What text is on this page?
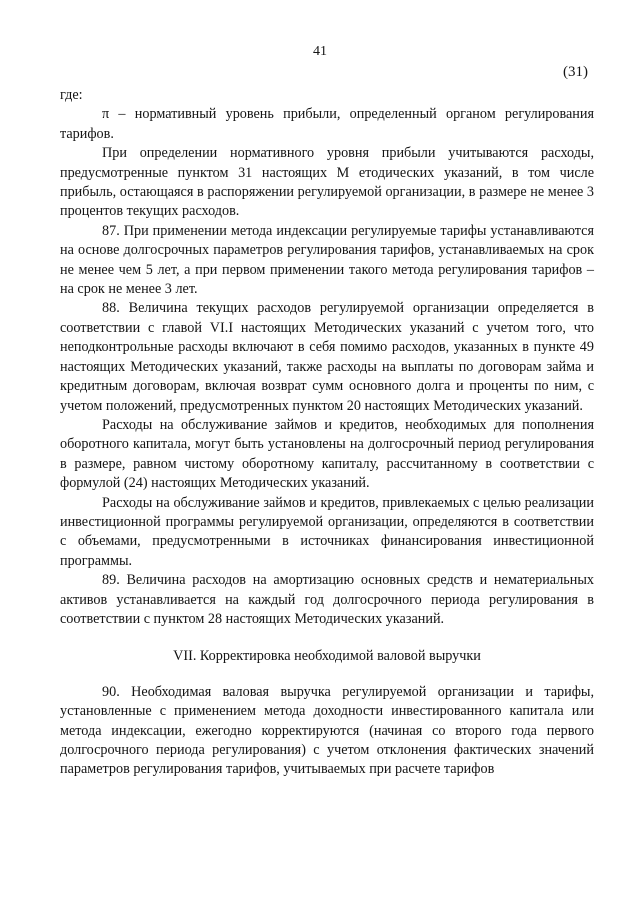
41
(31)

где:

π – нормативный уровень прибыли, определенный органом регулирования тарифов.

При определении нормативного уровня прибыли учитываются расходы, предусмотренные пунктом 31 настоящих М етодических указаний, в том числе прибыль, остающаяся в распоряжении регулируемой организации, в размере не менее 3 процентов текущих расходов.

87. При применении метода индексации регулируемые тарифы устанавливаются на основе долгосрочных параметров регулирования тарифов, устанавливаемых на срок не менее чем 5 лет, а при первом применении такого метода регулирования тарифов – на срок не менее 3 лет.

88. Величина текущих расходов регулируемой организации определяется в соответствии с главой VI.I настоящих Методических указаний с учетом того, что неподконтрольные расходы включают в себя помимо расходов, указанных в пункте 49 настоящих Методических указаний, также расходы на выплаты по договорам займа и кредитным договорам, включая возврат сумм основного долга и проценты по ним, с учетом положений, предусмотренных пунктом 20 настоящих Методических указаний.

Расходы на обслуживание займов и кредитов, необходимых для пополнения оборотного капитала, могут быть установлены на долгосрочный период регулирования в размере, равном чистому оборотному капиталу, рассчитанному в соответствии с формулой (24) настоящих Методических указаний.

Расходы на обслуживание займов и кредитов, привлекаемых с целью реализации инвестиционной программы регулируемой организации, определяются в соответствии с объемами, предусмотренными в источниках финансирования инвестиционной программы.

89. Величина расходов на амортизацию основных средств и нематериальных активов устанавливается на каждый год долгосрочного периода регулирования в соответствии с пунктом 28 настоящих Методических указаний.

VII. Корректировка необходимой валовой выручки

90. Необходимая валовая выручка регулируемой организации и тарифы, установленные с применением метода доходности инвестированного капитала или метода индексации, ежегодно корректируются (начиная со второго года первого долгосрочного периода регулирования) с учетом отклонения фактических значений параметров регулирования тарифов, учитываемых при расчете тарифов
